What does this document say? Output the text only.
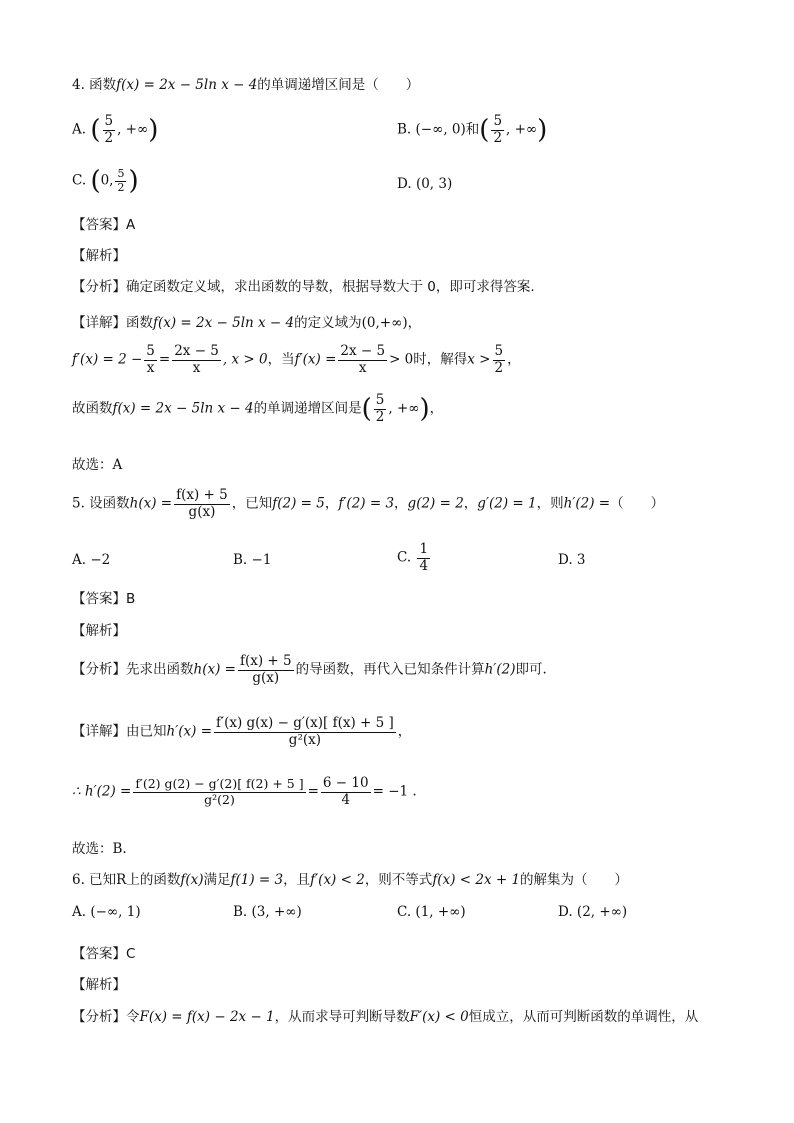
4. 函数f(x) = 2x − 5ln x − 4的单调递增区间是（　　）
A. ( $\frac{5}{2}$ , +∞)	B. (−∞, 0)和( $\frac{5}{2}$ , +∞)
C. (0, $\frac{5}{2}$ )	D. (0, 3)
【答案】A
【解析】
【分析】确定函数定义域，求出函数的导数，根据导数大于 0，即可求得答案.
【详解】函数f(x) = 2x − 5ln x − 4的定义域为(0,+∞)，
$f'(x) = 2 - \frac{5}{x} = \frac{2x - 5}{x}$ , x > 0，当$f'(x) = \frac{2x - 5}{x} > 0$时，解得$x > \frac{5}{2}$ ，
故函数f(x) = 2x − 5ln x − 4的单调递增区间是( $\frac{5}{2}$ , +∞)，
故选：A
5. 设函数$h(x) = \frac{f(x) + 5}{g(x)}$ ，已知f(2) = 5，f′(2) = 3，g(2) = 2，g′(2) = 1，则h′(2) =（　　）
A. −2	B. −1	C. $\frac{1}{4}$	D. 3
【答案】B
【解析】
【分析】先求出函数$h(x) = \frac{f(x) + 5}{g(x)}$ 的导函数，再代入已知条件计算h′(2)即可.
【详解】由已知$h'(x) = \frac{f'(x) g(x) - g'(x)[ f(x) + 5 ]}{\text{g²(x)}}$ ，
∴ $h'(2) = \frac{f'(2) g(2) - g'(2)[ f(2) + 5 ]}{\text{g²(2)}} = \frac{6 - 10}{4} = -1$ .
故选：B.
6. 已知R上的函数f(x)满足f(1) = 3，且f′(x) < 2，则不等式f(x) < 2x + 1的解集为（　　）
A. (−∞, 1)	B. (3, +∞)	C. (1, +∞)	D. (2, +∞)
【答案】C
【解析】
【分析】令F(x) = f(x) − 2x − 1，从而求导可判断导数F′(x) < 0恒成立，从而可判断函数的单调性，从
